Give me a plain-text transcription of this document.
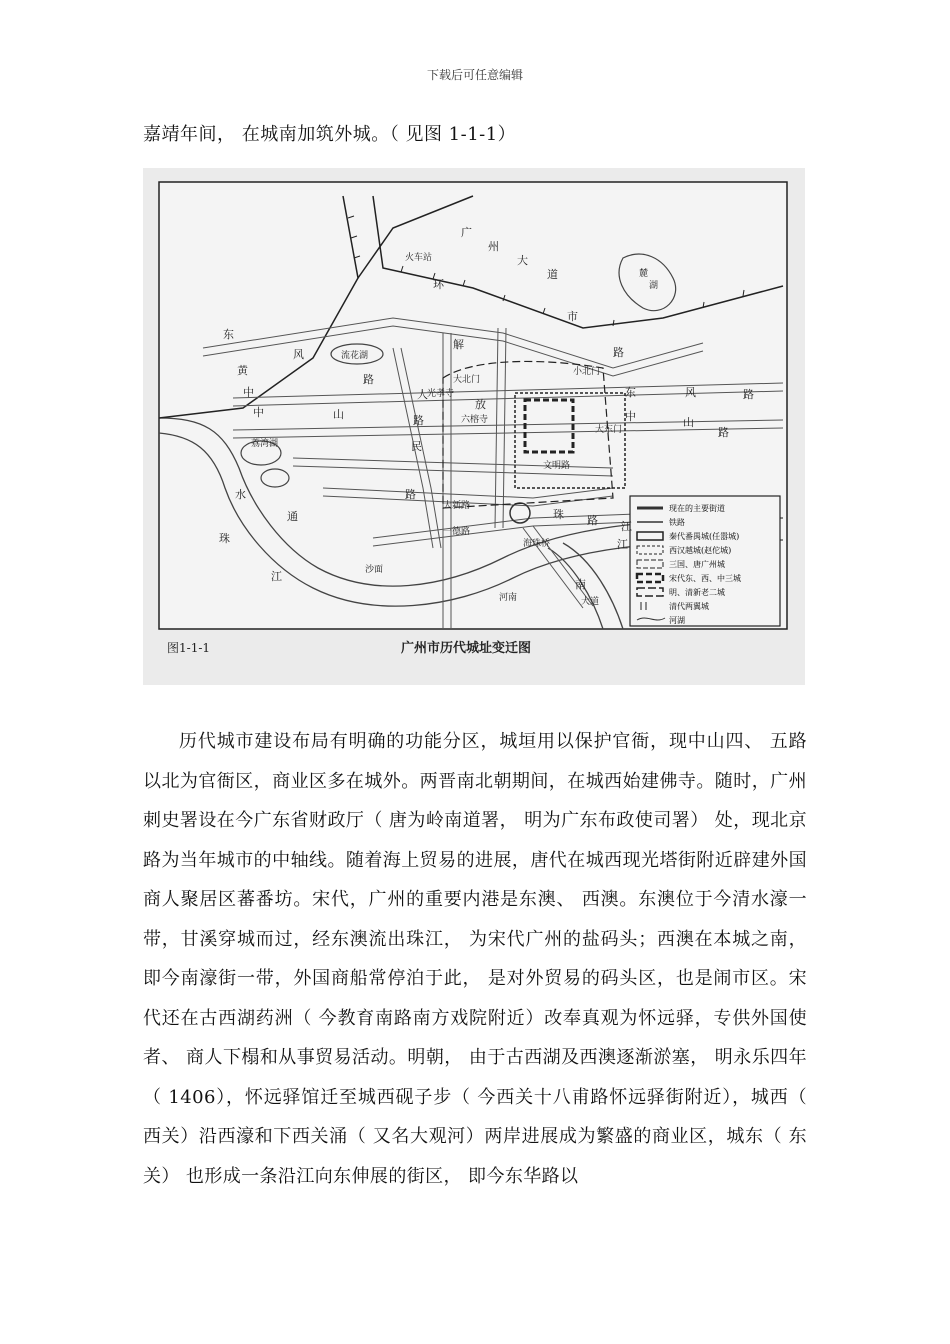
下载后可任意编辑
嘉靖年间， 在城南加筑外城。（ 见图 1-1-1）
现在的主要街道
铁路
秦代番禺城(任嚣城)
西汉越城(赵佗城)
三国、唐广州城
宋代东、西、中三城
明、清新老二城
清代两翼城
河湖
火车站
广
州
大
道
环
市
路
东
风
路
中	山	路
流花湖
荔湾湖
光孝寺
六榕寺
解
放
人
民
路
大北门
小北门
大东门
文明路
大新路
一德路
珠
江
路
沙面
河南
海珠桥
东	风	路
中	山
路
水
珠
江
通
南
大道
黄
中
麓
湖
江
图1-1-1	广州市历代城址变迁图
历代城市建设布局有明确的功能分区，城垣用以保护官衙，现中山四、 五路以北为官衙区，商业区多在城外。两晋南北朝期间，在城西始建佛寺。随时，广州刺史署设在今广东省财政厅（ 唐为岭南道署， 明为广东布政使司署） 处，现北京路为当年城市的中轴线。随着海上贸易的进展，唐代在城西现光塔街附近辟建外国商人聚居区蕃番坊。宋代，广州的重要内港是东澳、 西澳。东澳位于今清水濠一带，甘溪穿城而过，经东澳流出珠江， 为宋代广州的盐码头；西澳在本城之南，即今南濠街一带，外国商船常停泊于此， 是对外贸易的码头区，也是闹市区。宋代还在古西湖药洲（ 今教育南路南方戏院附近）改奉真观为怀远驿，专供外国使者、 商人下榻和从事贸易活动。明朝， 由于古西湖及西澳逐渐淤塞， 明永乐四年（ 1406），怀远驿馆迁至城西砚子步（ 今西关十八甫路怀远驿街附近），城西（ 西关）沿西濠和下西关涌（ 又名大观河）两岸进展成为繁盛的商业区，城东（ 东关） 也形成一条沿江向东伸展的街区， 即今东华路以
